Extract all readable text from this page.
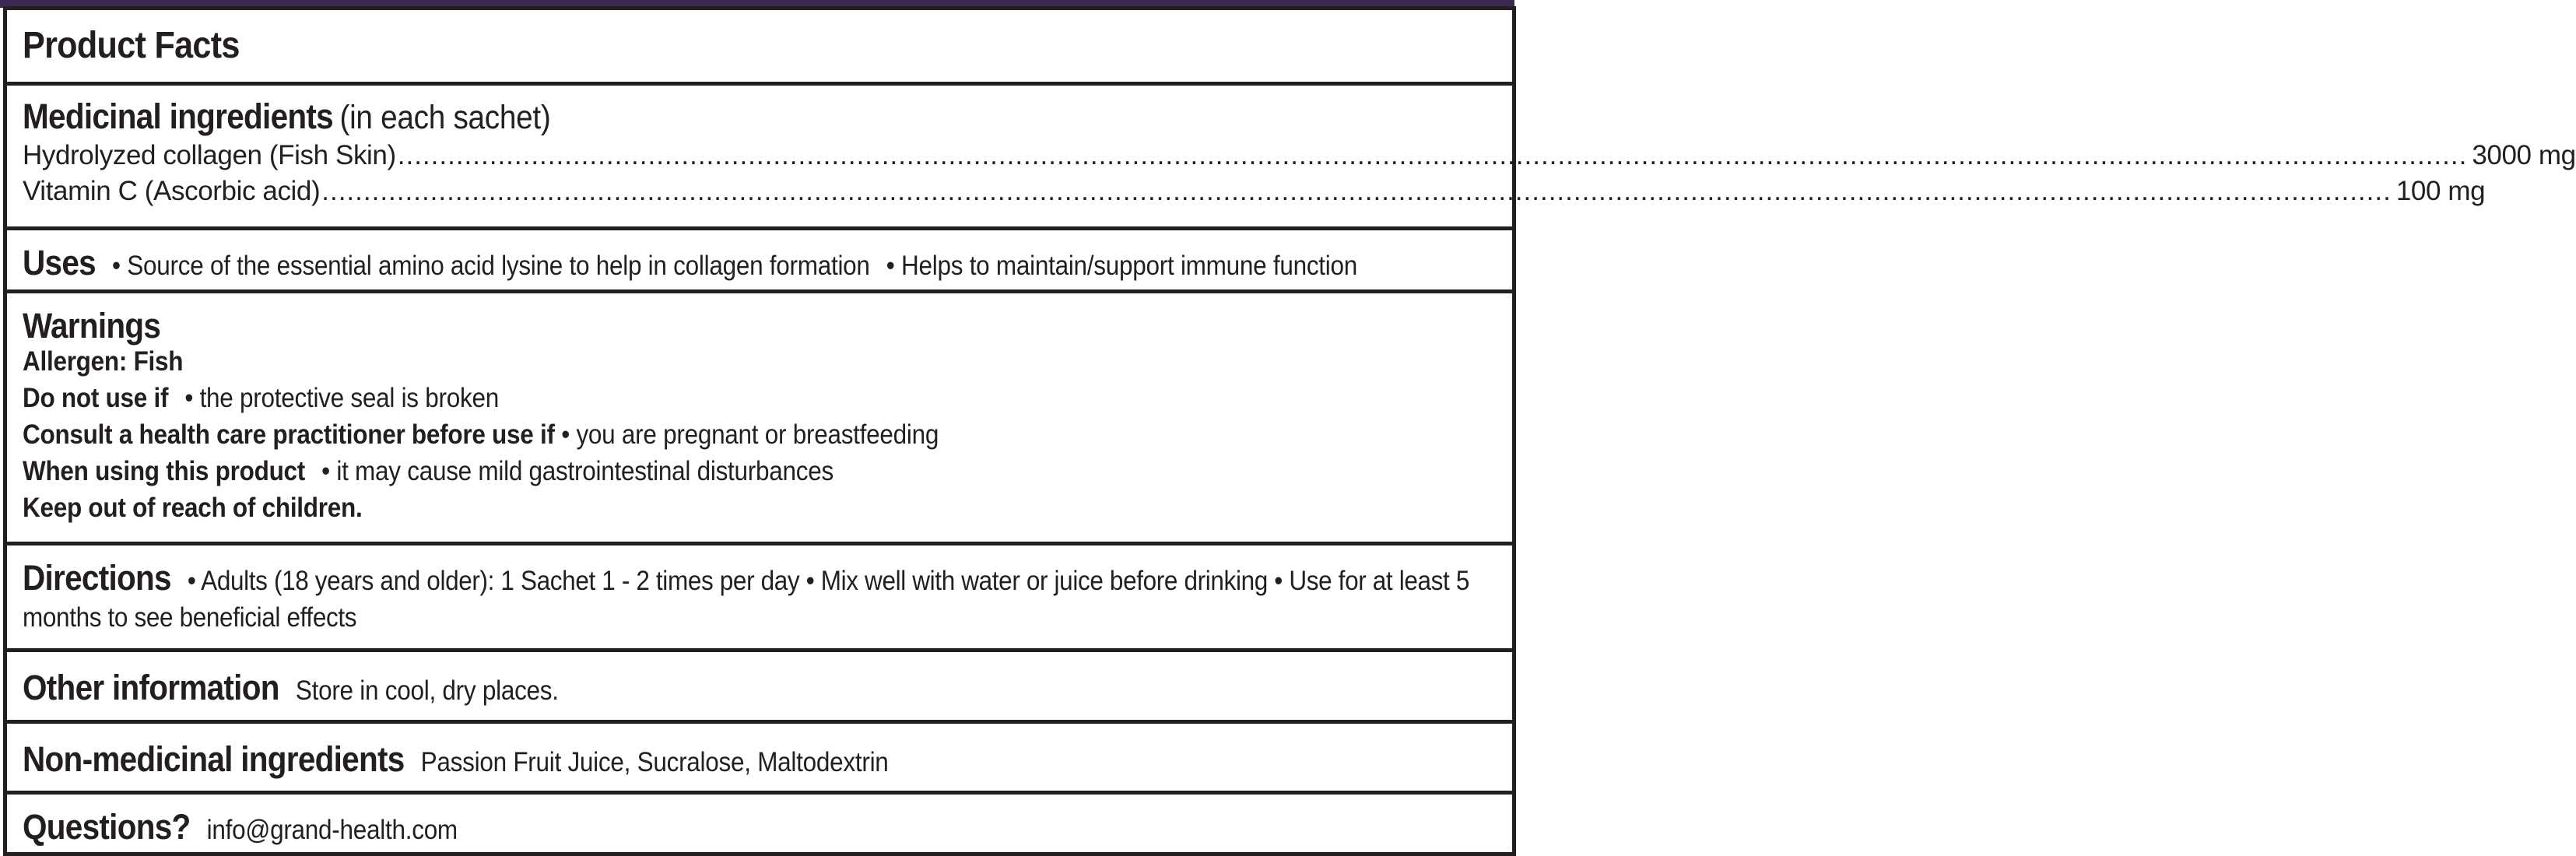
Product Facts
Medicinal ingredients (in each sachet)
Hydrolyzed collagen (Fish Skin) ........................................................................................................................................................................................................................................................ 3000 mg
Vitamin C (Ascorbic acid) ........................................................................................................................................................................................................................................................ 100 mg
Uses • Source of the essential amino acid lysine to help in collagen formation • Helps to maintain/support immune function
Warnings
Allergen: Fish
Do not use if • the protective seal is broken
Consult a health care practitioner before use if • you are pregnant or breastfeeding
When using this product • it may cause mild gastrointestinal disturbances
Keep out of reach of children.
Directions • Adults (18 years and older): 1 Sachet 1 - 2 times per day • Mix well with water or juice before drinking • Use for at least 5 months to see beneficial effects
Other information Store in cool, dry places.
Non-medicinal ingredients Passion Fruit Juice, Sucralose, Maltodextrin
Questions? info@grand-health.com
